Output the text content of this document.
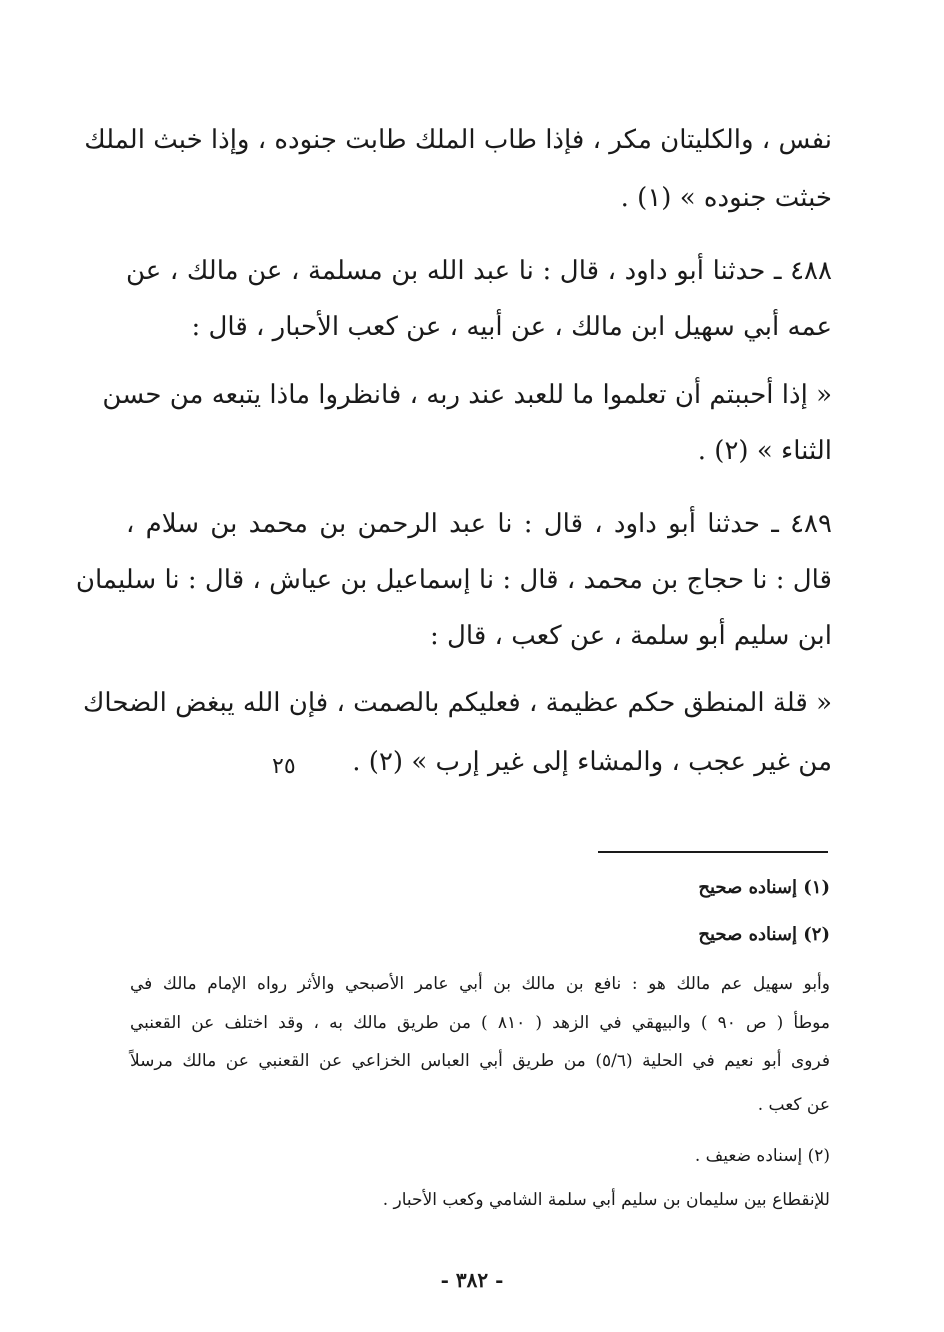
نفس ، والكليتان مكر ، فإذا طاب الملك طابت جنوده ، وإذا خبث الملك
خبثت جنوده » (١) .
٤٨٨ ـ حدثنا أبو داود ، قال : نا عبد الله بن مسلمة ، عن مالك ، عن
عمه أبي سهيل ابن مالك ، عن أبيه ، عن كعب الأحبار ، قال :
« إذا أحببتم أن تعلموا ما للعبد عند ربه ، فانظروا ماذا يتبعه من حسن
الثناء » (٢) .
٤٨٩ ـ حدثنا أبو داود ، قال : نا عبد الرحمن بن محمد بن سلام ،
قال : نا حجاج بن محمد ، قال : نا إسماعيل بن عياش ، قال : نا سليمان
ابن سليم أبو سلمة ، عن كعب ، قال :
« قلة المنطق حكم عظيمة ، فعليكم بالصمت ، فإن الله يبغض الضحاك
من غير عجب ، والمشاء إلى غير إرب » (٢) .
٢٥
(١) إسناده صحيح
(٢) إسناده صحيح
وأبو سهيل عم مالك هو : نافع بن مالك بن أبي عامر الأصبحي والأثر رواه الإمام مالك في
موطأ ( ص ٩٠ ) والبيهقي في الزهد ( ٨١٠ ) من طريق مالك به ، وقد اختلف عن القعنبي
فروى أبو نعيم في الحلية (٥/٦) من طريق أبي العباس الخزاعي عن القعنبي عن مالك مرسلاً
عن كعب .
(٢) إسناده ضعيف .
للإنقطاع بين سليمان بن سليم أبي سلمة الشامي وكعب الأحبار .
- ٣٨٢ -
